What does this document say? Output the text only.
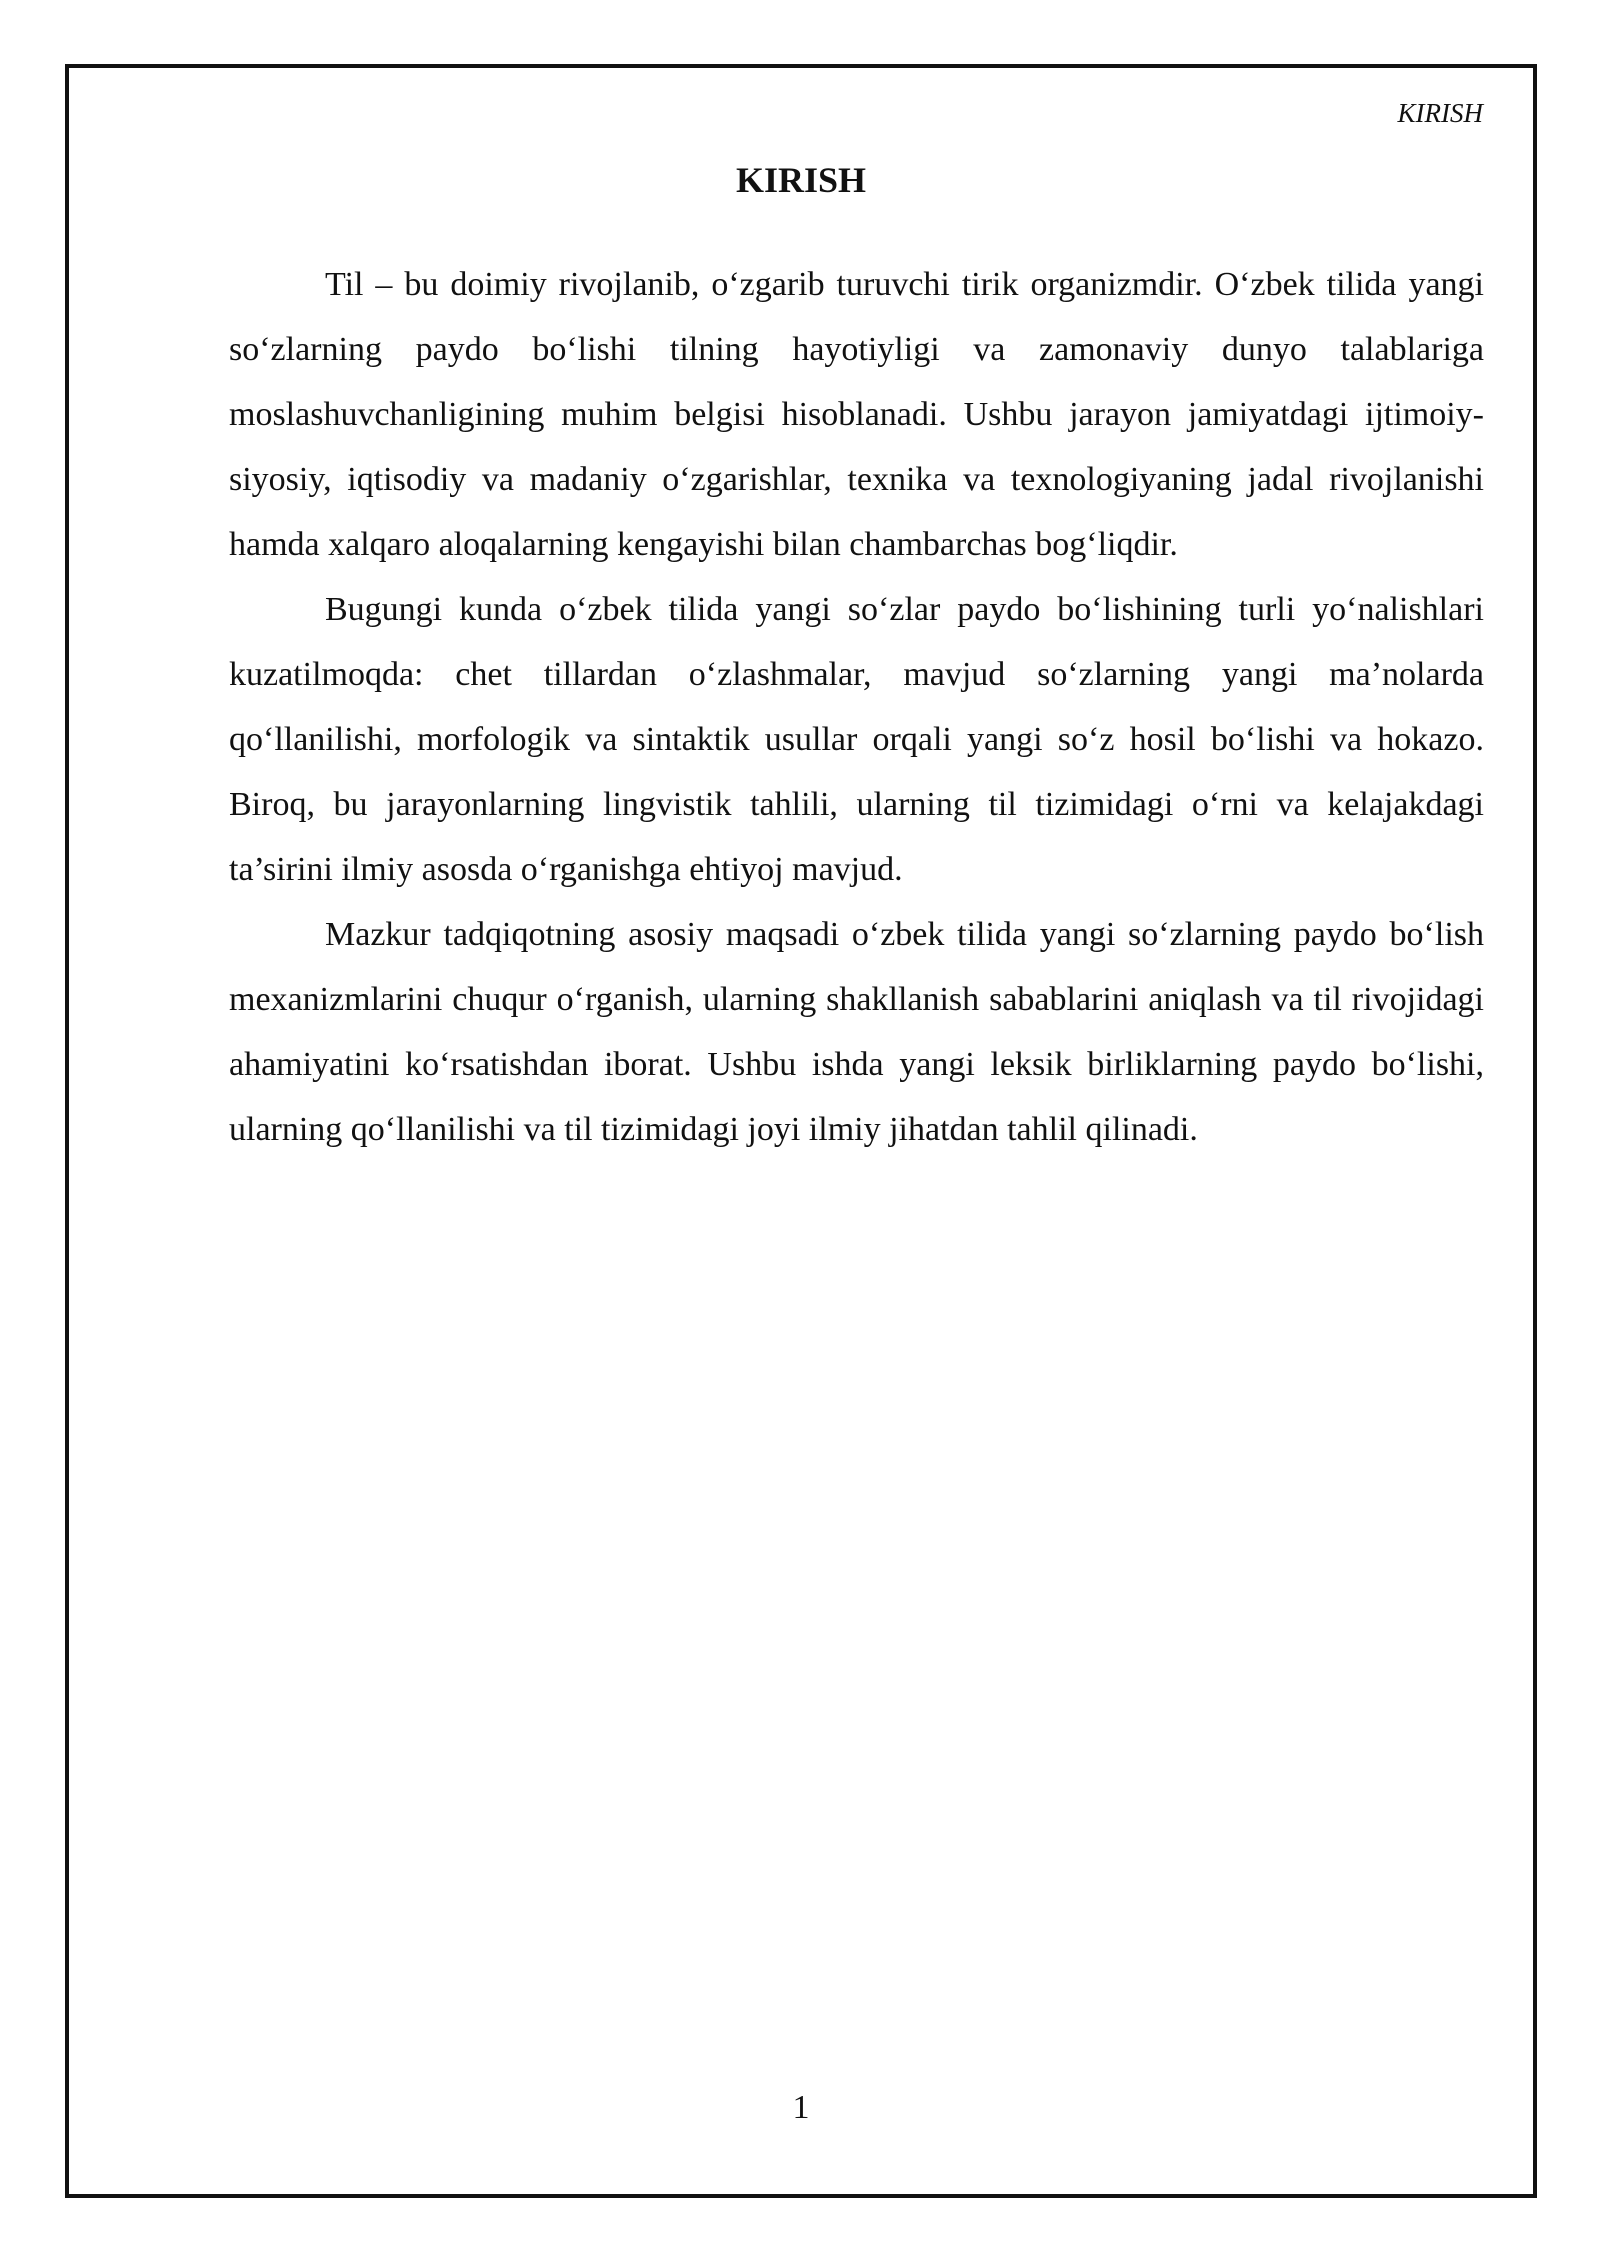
KIRISH
KIRISH

Til – bu doimiy rivojlanib, o‘zgarib turuvchi tirik organizmdir. O‘zbek tilida yangi so‘zlarning paydo bo‘lishi tilning hayotiyligi va zamonaviy dunyo talablariga moslashuvchanligining muhim belgisi hisoblanadi. Ushbu jarayon jamiyatdagi ijtimoiy-siyosiy, iqtisodiy va madaniy o‘zgarishlar, texnika va texnologiyaning jadal rivojlanishi hamda xalqaro aloqalarning kengayishi bilan chambarchas bog‘liqdir.

Bugungi kunda o‘zbek tilida yangi so‘zlar paydo bo‘lishining turli yo‘nalishlari kuzatilmoqda: chet tillardan o‘zlashmalar, mavjud so‘zlarning yangi ma’nolarda qo‘llanilishi, morfologik va sintaktik usullar orqali yangi so‘z hosil bo‘lishi va hokazo. Biroq, bu jarayonlarning lingvistik tahlili, ularning til tizimidagi o‘rni va kelajakdagi ta’sirini ilmiy asosda o‘rganishga ehtiyoj mavjud.

Mazkur tadqiqotning asosiy maqsadi o‘zbek tilida yangi so‘zlarning paydo bo‘lish mexanizmlarini chuqur o‘rganish, ularning shakllanish sabablarini aniqlash va til rivojidagi ahamiyatini ko‘rsatishdan iborat. Ushbu ishda yangi leksik birliklarning paydo bo‘lishi, ularning qo‘llanilishi va til tizimidagi joyi ilmiy jihatdan tahlil qilinadi.

1
